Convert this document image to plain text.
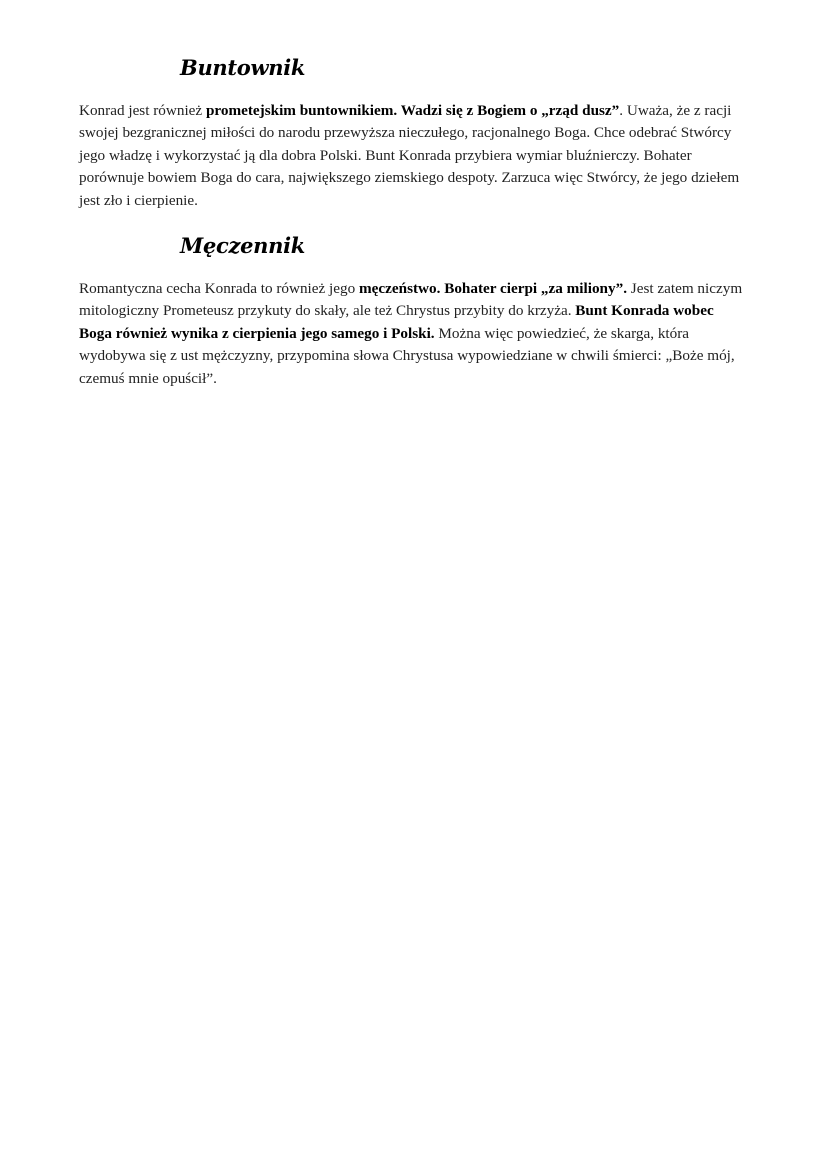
Buntownik

Konrad jest również prometejskim buntownikiem. Wadzi się z Bogiem o „rząd dusz”. Uważa, że z racji swojej bezgranicznej miłości do narodu przewyższa nieczułego, racjonalnego Boga. Chce odebrać Stwórcy jego władzę i wykorzystać ją dla dobra Polski. Bunt Konrada przybiera wymiar bluźnierczy. Bohater porównuje bowiem Boga do cara, największego ziemskiego despoty. Zarzuca więc Stwórcy, że jego dziełem jest zło i cierpienie.

Męczennik

Romantyczna cecha Konrada to również jego męczeństwo. Bohater cierpi „za miliony”. Jest zatem niczym mitologiczny Prometeusz przykuty do skały, ale też Chrystus przybity do krzyża. Bunt Konrada wobec Boga również wynika z cierpienia jego samego i Polski. Można więc powiedzieć, że skarga, która wydobywa się z ust mężczyzny, przypomina słowa Chrystusa wypowiedziane w chwili śmierci: „Boże mój, czemuś mnie opuścił”.
